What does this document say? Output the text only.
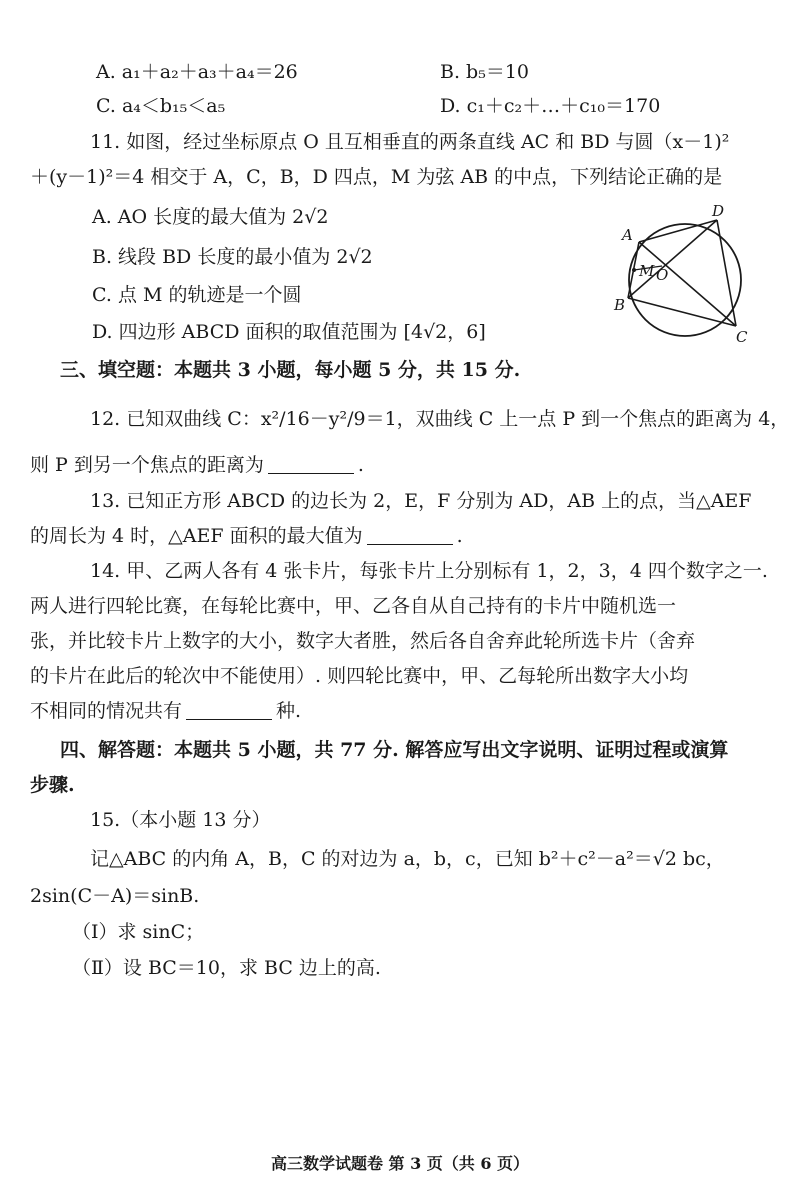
A. a₁＋a₂＋a₃＋a₄＝26	B. b₅＝10
C. a₄＜b₁₅＜a₅	D. c₁＋c₂＋…＋c₁₀＝170
11. 如图，经过坐标原点 O 且互相垂直的两条直线 AC 和 BD 与圆（x－1)²
＋(y－1)²＝4 相交于 A，C，B，D 四点，M 为弦 AB 的中点，下列结论正确的是
A. AO 长度的最大值为 2√2
B. 线段 BD 长度的最小值为 2√2
C. 点 M 的轨迹是一个圆
D. 四边形 ABCD 面积的取值范围为 [4√2，6]
A
D
B
C
M O
三、填空题：本题共 3 小题，每小题 5 分，共 15 分.
12. 已知双曲线 C：x²/16－y²/9＝1，双曲线 C 上一点 P 到一个焦点的距离为 4，
则 P 到另一个焦点的距离为	.
13. 已知正方形 ABCD 的边长为 2，E，F 分别为 AD，AB 上的点，当△AEF
的周长为 4 时，△AEF 面积的最大值为	.
14. 甲、乙两人各有 4 张卡片，每张卡片上分别标有 1，2，3，4 四个数字之一.
两人进行四轮比赛，在每轮比赛中，甲、乙各自从自己持有的卡片中随机选一
张，并比较卡片上数字的大小，数字大者胜，然后各自舍弃此轮所选卡片（舍弃
的卡片在此后的轮次中不能使用）. 则四轮比赛中，甲、乙每轮所出数字大小均
不相同的情况共有	种.
四、解答题：本题共 5 小题，共 77 分. 解答应写出文字说明、证明过程或演算
步骤.
15.（本小题 13 分）
记△ABC 的内角 A，B，C 的对边为 a，b，c，已知 b²＋c²－a²＝√2 bc，
2sin(C－A)＝sinB.
（Ⅰ）求 sinC；
（Ⅱ）设 BC＝10，求 BC 边上的高.
高三数学试题卷 第 3 页（共 6 页）
